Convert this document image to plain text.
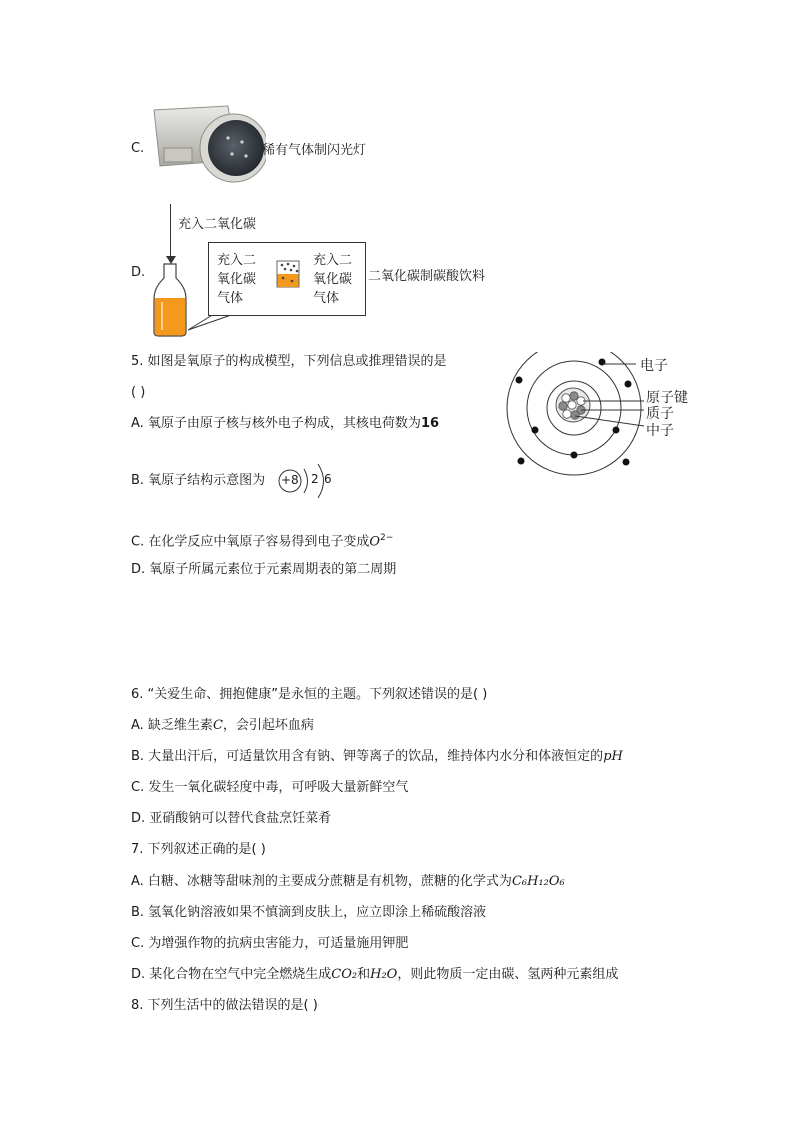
C.	稀有气体制闪光灯
充入二氧化碳
D.
充入二
氧化碳
气体
充入二
氧化碳
气体
二氧化碳制碳酸饮料
5. 如图是氧原子的构成模型，下列信息或推理错误的是
( )
A. 氧原子由原子核与核外电子构成，其核电荷数为16
B. 氧原子结构示意图为 +8 2 6
C. 在化学反应中氧原子容易得到电子变成$O^{2-}$
D. 氧原子所属元素位于元素周期表的第二周期
电子
原子键
质子
中子
6. “关爱生命、拥抱健康”是永恒的主题。下列叙述错误的是( )
A. 缺乏维生素C，会引起坏血病
B. 大量出汗后，可适量饮用含有钠、钾等离子的饮品，维持体内水分和体液恒定的pH
C. 发生一氧化碳轻度中毒，可呼吸大量新鲜空气
D. 亚硝酸钠可以替代食盐烹饪菜肴
7. 下列叙述正确的是( )
A. 白糖、冰糖等甜味剂的主要成分蔗糖是有机物，蔗糖的化学式为C₆H₁₂O₆
B. 氢氧化钠溶液如果不慎滴到皮肤上，应立即涂上稀硫酸溶液
C. 为增强作物的抗病虫害能力，可适量施用钾肥
D. 某化合物在空气中完全燃烧生成CO₂和H₂O，则此物质一定由碳、氢两种元素组成
8. 下列生活中的做法错误的是( )
